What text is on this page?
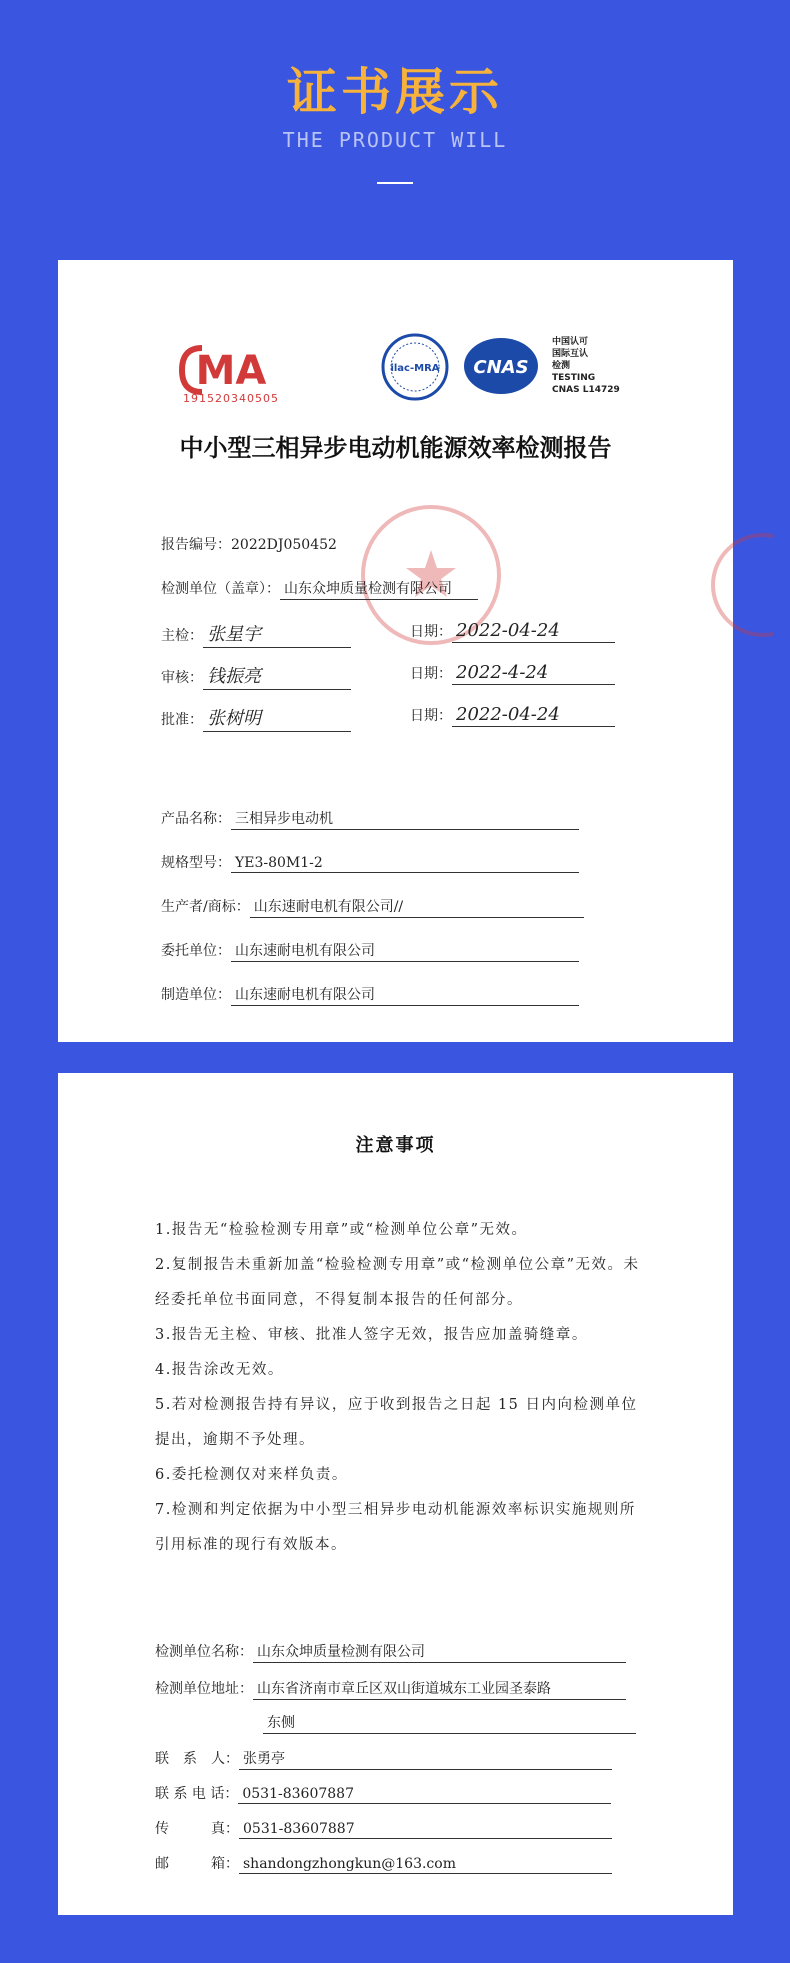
证书展示
THE PRODUCT WILL
MA
191520340505
ilac-MRA CNAS
中国认可
国际互认
检测
TESTING
CNAS L14729
中小型三相异步电动机能源效率检测报告
报告编号：2022DJ050452
检测单位（盖章）： 山东众坤质量检测有限公司
主检： 张星宇	日期： 2022-04-24
审核： 钱振亮	日期： 2022-4-24
批准： 张树明	日期： 2022-04-24
产品名称： 三相异步电动机
规格型号： YE3-80M1-2
生产者/商标： 山东速耐电机有限公司//
委托单位： 山东速耐电机有限公司
制造单位： 山东速耐电机有限公司
注意事项
1.报告无“检验检测专用章”或“检测单位公章”无效。
2.复制报告未重新加盖“检验检测专用章”或“检测单位公章”无效。未经委托单位书面同意，不得复制本报告的任何部分。
3.报告无主检、审核、批准人签字无效，报告应加盖骑缝章。
4.报告涂改无效。
5.若对检测报告持有异议，应于收到报告之日起 15 日内向检测单位提出，逾期不予处理。
6.委托检测仅对来样负责。
7.检测和判定依据为中小型三相异步电动机能源效率标识实施规则所引用标准的现行有效版本。
检测单位名称： 山东众坤质量检测有限公司
检测单位地址： 山东省济南市章丘区双山街道城东工业园圣泰路
东侧
联　系　人： 张勇亭
联 系 电 话： 0531-83607887
传　　　真： 0531-83607887
邮　　　箱： shandongzhongkun@163.com
